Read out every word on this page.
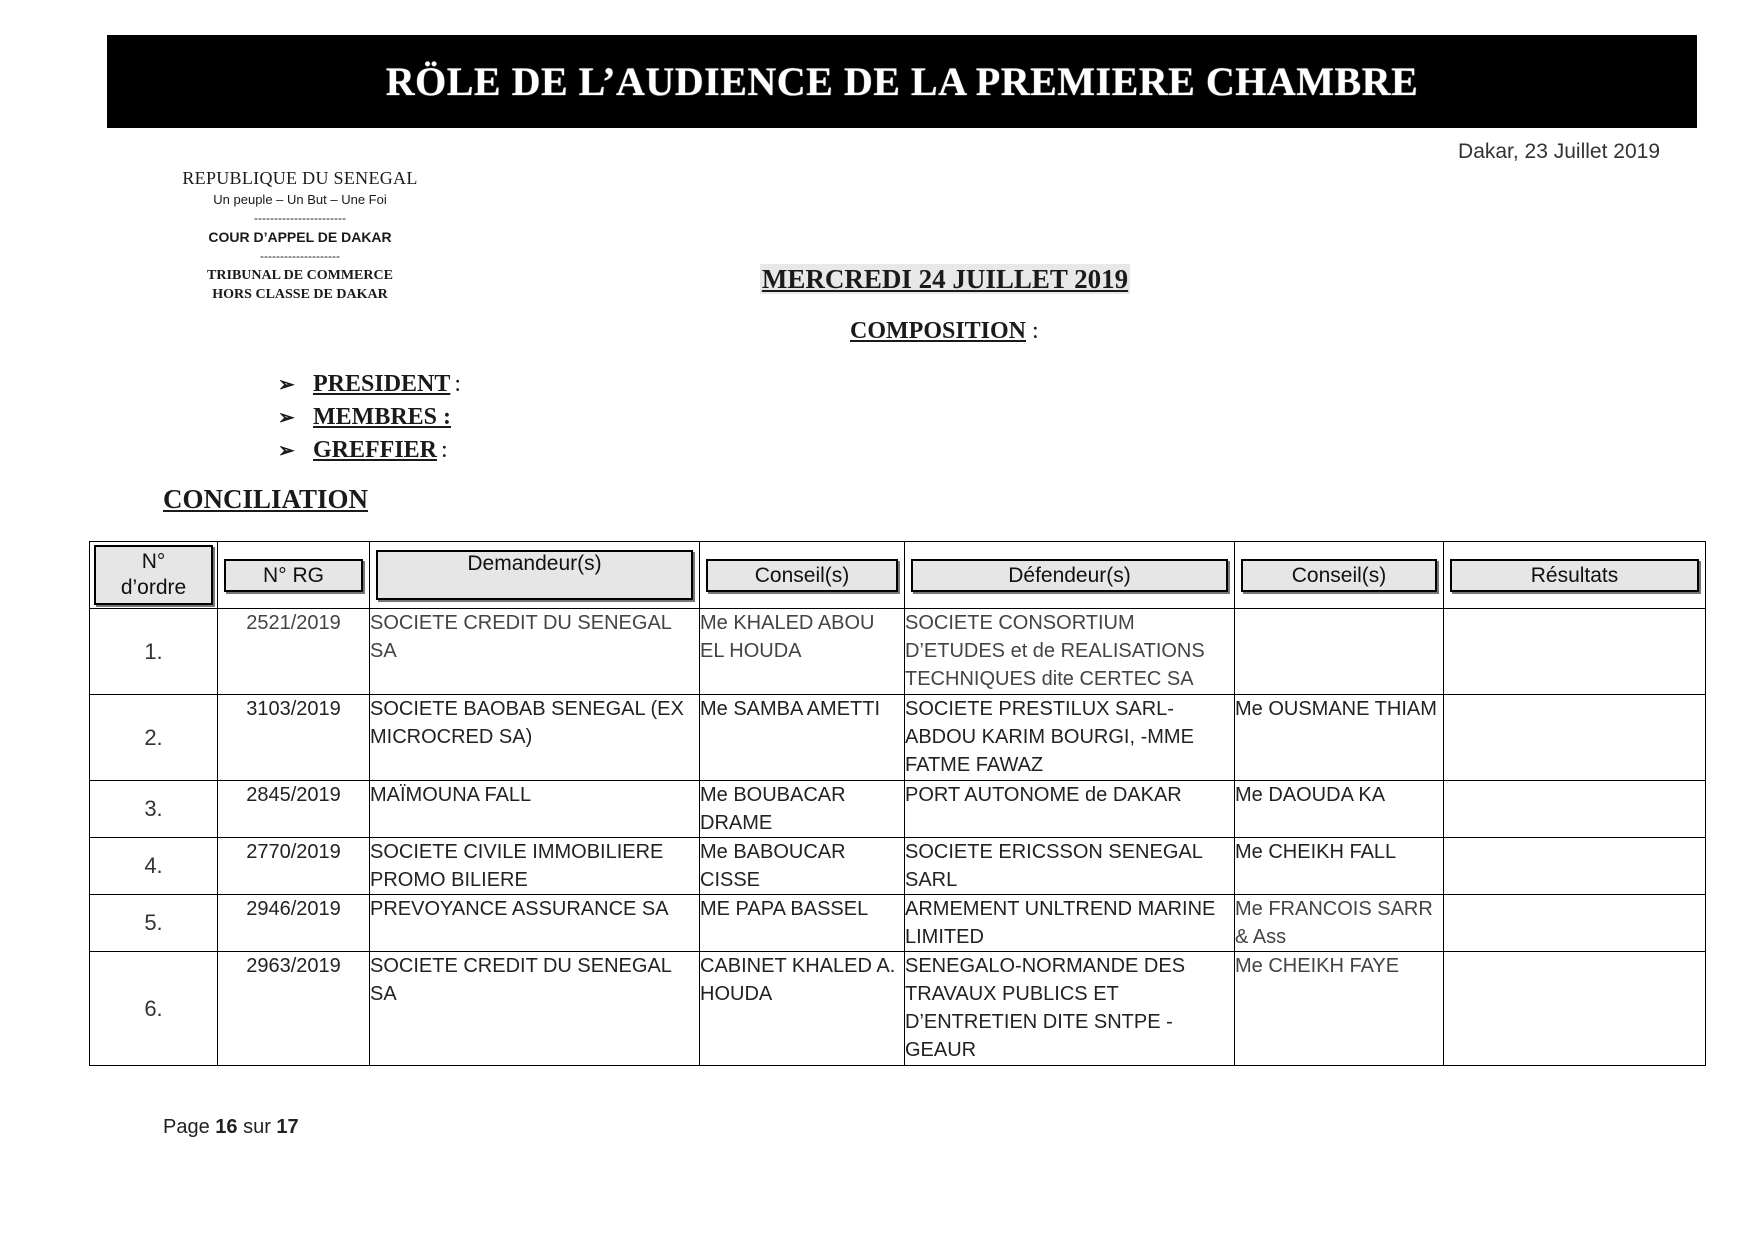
RÖLE DE L’AUDIENCE DE LA PREMIERE CHAMBRE
Dakar, 23 Juillet 2019
REPUBLIQUE DU SENEGAL
Un peuple – Un But – Une Foi
-----------------------
COUR D’APPEL DE DAKAR
--------------------
TRIBUNAL DE COMMERCE
HORS CLASSE DE DAKAR
MERCREDI 24 JUILLET 2019
COMPOSITION :
➢ PRESIDENT :
➢ MEMBRES :
➢ GREFFIER :
CONCILIATION
N°
d’ordre	N° RG	Demandeur(s)	Conseil(s)	Défendeur(s)	Conseil(s)	Résultats

1.	2521/2019	SOCIETE CREDIT DU SENEGAL SA	Me KHALED ABOU EL HOUDA	SOCIETE CONSORTIUM D’ETUDES et de REALISATIONS TECHNIQUES dite CERTEC SA		
2.	3103/2019	SOCIETE BAOBAB SENEGAL (EX MICROCRED SA)	Me SAMBA AMETTI	SOCIETE PRESTILUX SARL- ABDOU KARIM BOURGI, -MME FATME FAWAZ	Me OUSMANE THIAM	
3.	2845/2019	MAÏMOUNA FALL	Me BOUBACAR DRAME	PORT AUTONOME de DAKAR	Me DAOUDA KA	
4.	2770/2019	SOCIETE CIVILE IMMOBILIERE PROMO BILIERE	Me BABOUCAR CISSE	SOCIETE ERICSSON SENEGAL SARL	Me CHEIKH FALL	
5.	2946/2019	PREVOYANCE ASSURANCE SA	ME PAPA BASSEL	ARMEMENT UNLTREND MARINE LIMITED	Me FRANCOIS SARR & Ass	
6.	2963/2019	SOCIETE CREDIT DU SENEGAL SA	CABINET KHALED A. HOUDA	SENEGALO-NORMANDE DES TRAVAUX PUBLICS ET D’ENTRETIEN DITE SNTPE - GEAUR	Me CHEIKH FAYE	
Page 16 sur 17
